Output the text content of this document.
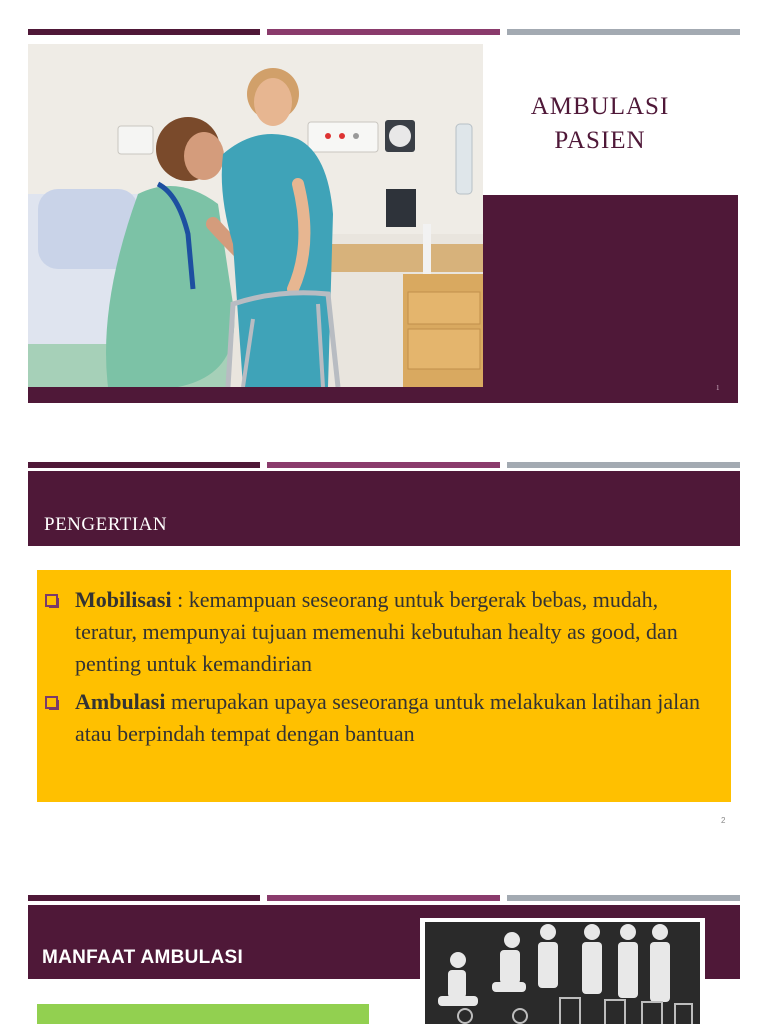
AMBULASI
PASIEN
1
PENGERTIAN
Mobilisasi : kemampuan seseorang untuk bergerak bebas, mudah, teratur, mempunyai tujuan memenuhi kebutuhan healty as good, dan penting untuk kemandirian
Ambulasi merupakan upaya seseoranga untuk melakukan latihan jalan atau berpindah tempat dengan bantuan
2
MANFAAT AMBULASI
